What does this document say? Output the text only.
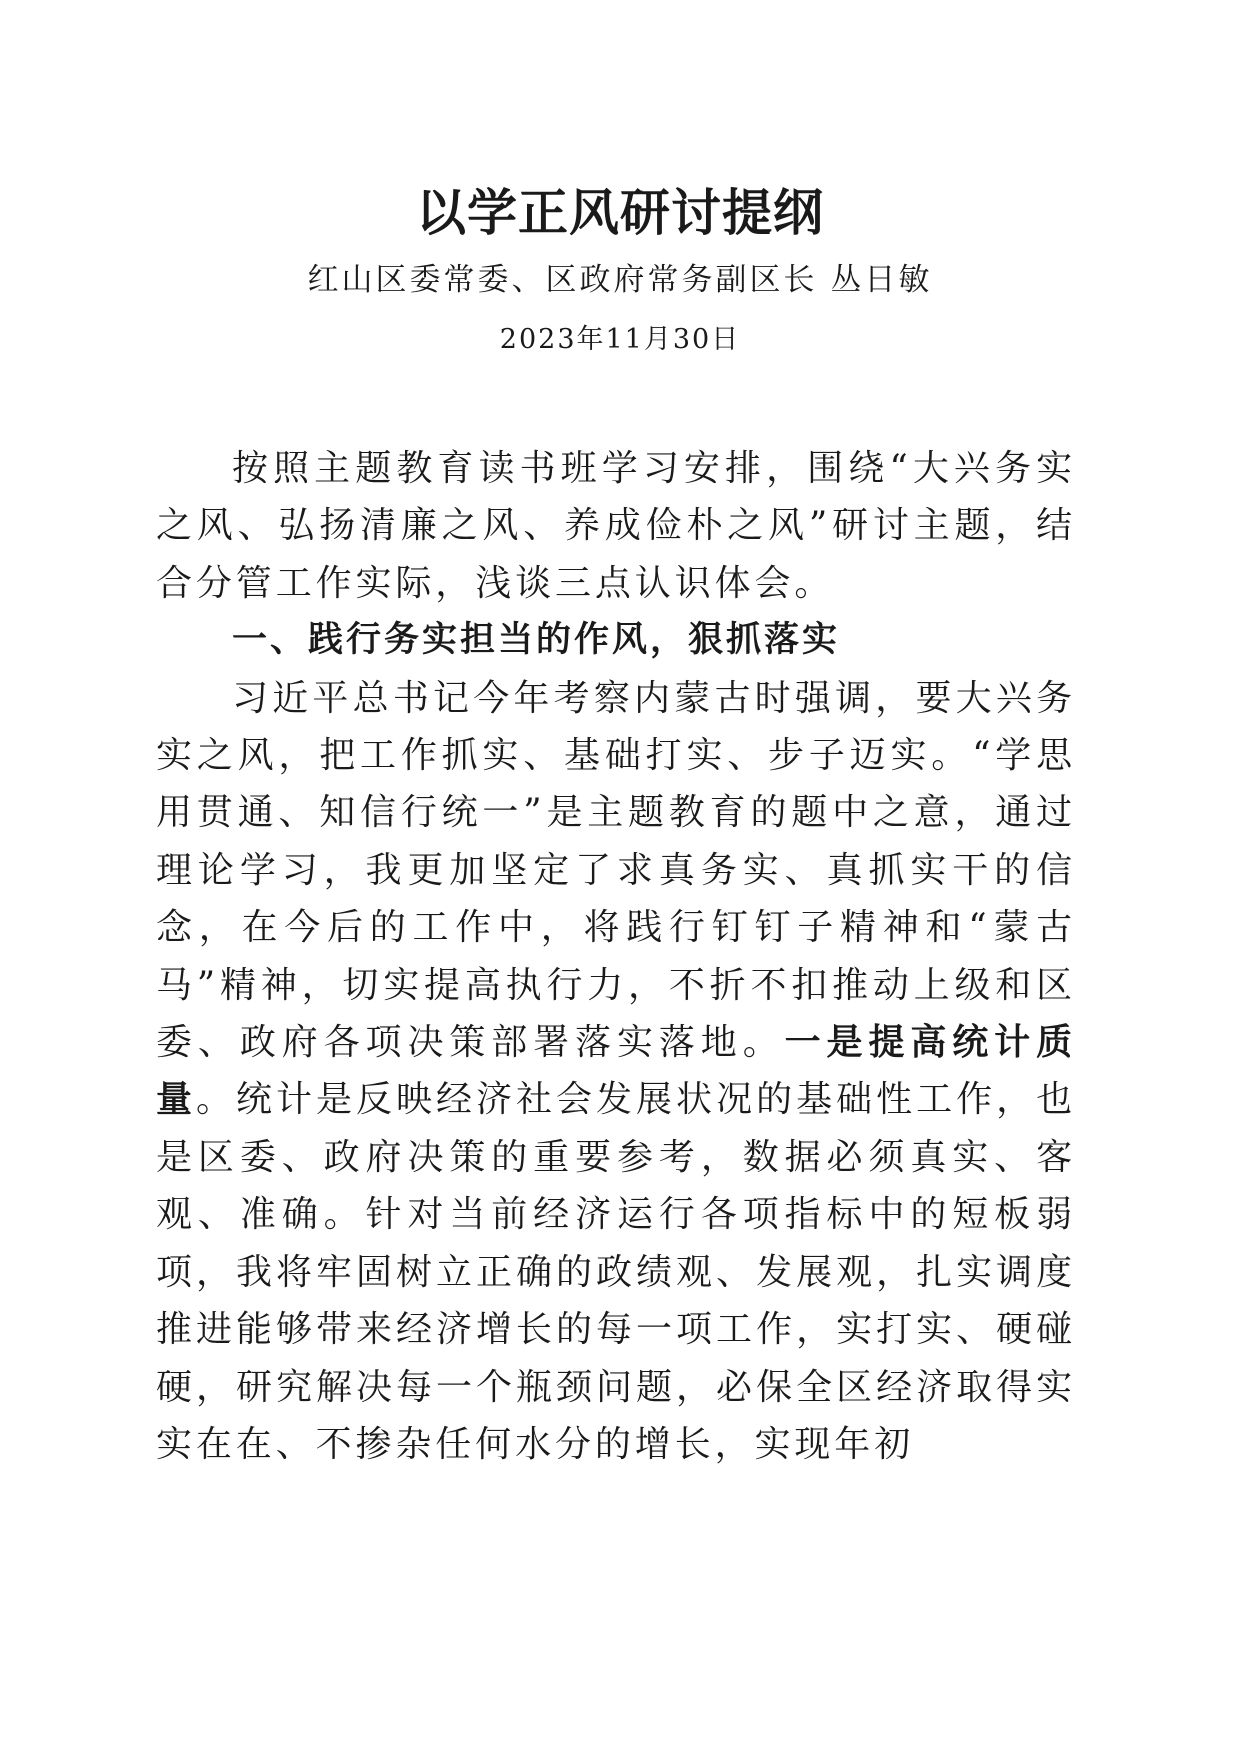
以学正风研讨提纲
红山区委常委、区政府常务副区长 丛日敏
2023年11月30日

按照主题教育读书班学习安排，围绕“大兴务实之风、弘扬清廉之风、养成俭朴之风”研讨主题，结合分管工作实际，浅谈三点认识体会。

一、践行务实担当的作风，狠抓落实

习近平总书记今年考察内蒙古时强调，要大兴务实之风，把工作抓实、基础打实、步子迈实。“学思用贯通、知信行统一”是主题教育的题中之意，通过理论学习，我更加坚定了求真务实、真抓实干的信念，在今后的工作中，将践行钉钉子精神和“蒙古马”精神，切实提高执行力，不折不扣推动上级和区委、政府各项决策部署落实落地。一是提高统计质量。统计是反映经济社会发展状况的基础性工作，也是区委、政府决策的重要参考，数据必须真实、客观、准确。针对当前经济运行各项指标中的短板弱项，我将牢固树立正确的政绩观、发展观，扎实调度推进能够带来经济增长的每一项工作，实打实、硬碰硬，研究解决每一个瓶颈问题，必保全区经济取得实实在在、不掺杂任何水分的增长，实现年初
